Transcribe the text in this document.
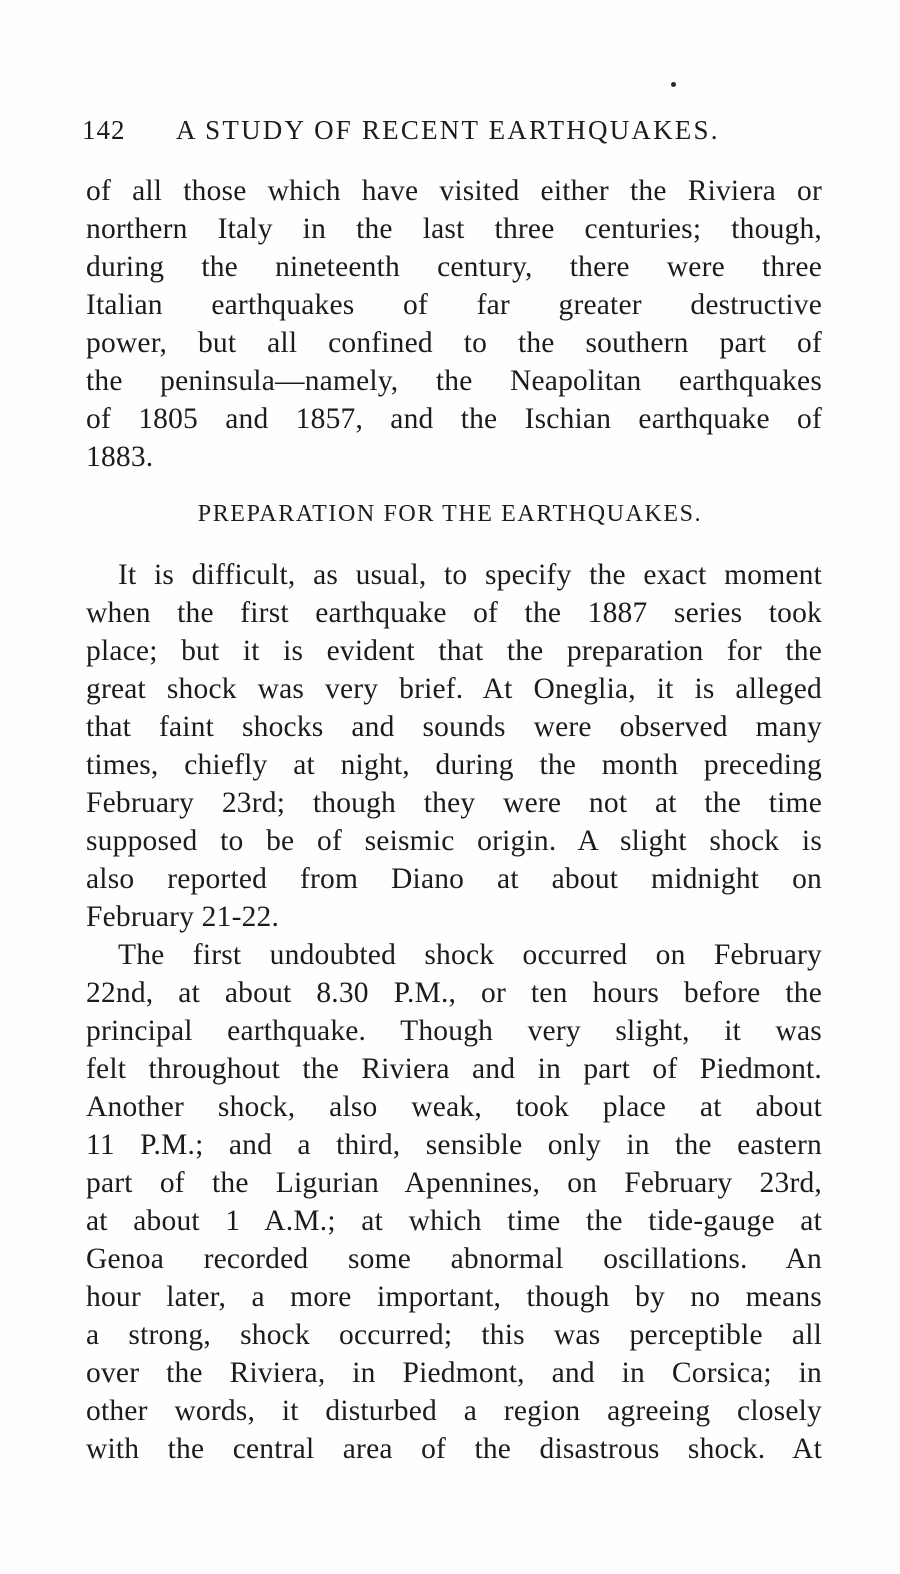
142 A STUDY OF RECENT EARTHQUAKES.
of all those which have visited either the Riviera or
northern Italy in the last three centuries; though,
during the nineteenth century, there were three
Italian earthquakes of far greater destructive
power, but all confined to the southern part of
the peninsula—namely, the Neapolitan earthquakes
of 1805 and 1857, and the Ischian earthquake of
1883.
PREPARATION FOR THE EARTHQUAKES.
It is difficult, as usual, to specify the exact moment
when the first earthquake of the 1887 series took
place; but it is evident that the preparation for the
great shock was very brief. At Oneglia, it is alleged
that faint shocks and sounds were observed many
times, chiefly at night, during the month preceding
February 23rd; though they were not at the time
supposed to be of seismic origin. A slight shock is
also reported from Diano at about midnight on
February 21-22.
The first undoubted shock occurred on February
22nd, at about 8.30 P.M., or ten hours before the
principal earthquake. Though very slight, it was
felt throughout the Riviera and in part of Piedmont.
Another shock, also weak, took place at about
11 P.M.; and a third, sensible only in the eastern
part of the Ligurian Apennines, on February 23rd,
at about 1 A.M.; at which time the tide-gauge at
Genoa recorded some abnormal oscillations. An
hour later, a more important, though by no means
a strong, shock occurred; this was perceptible all
over the Riviera, in Piedmont, and in Corsica; in
other words, it disturbed a region agreeing closely
with the central area of the disastrous shock. At
